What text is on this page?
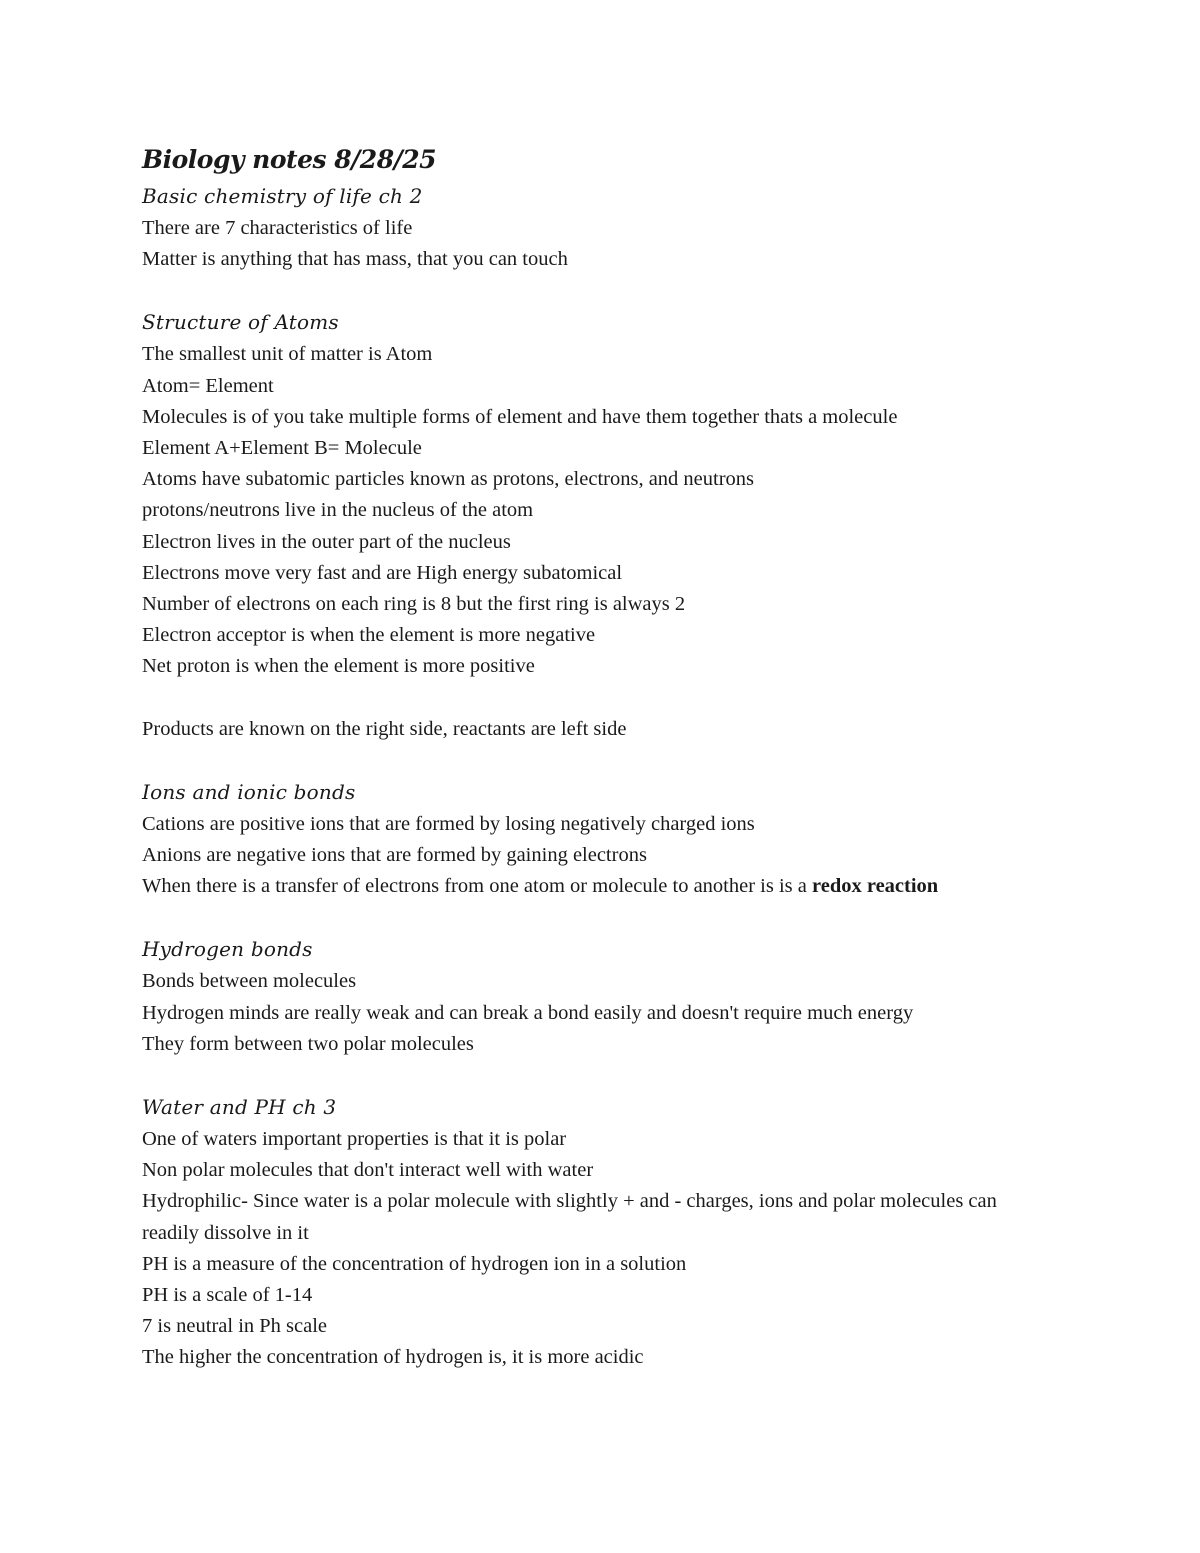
Biology notes 8/28/25
Basic chemistry of life ch 2
There are 7 characteristics of life
Matter is anything that has mass, that you can touch
Structure of Atoms
The smallest unit of matter is Atom
Atom= Element
Molecules is of you take multiple forms of element and have them together thats a molecule
Element A+Element B= Molecule
Atoms have subatomic particles known as protons, electrons, and neutrons
protons/neutrons live in the nucleus of the atom
Electron lives in the outer part of the nucleus
Electrons move very fast and are High energy subatomical
Number of electrons on each ring is 8 but the first ring is always 2
Electron acceptor is when the element is more negative
Net proton is when the element is more positive
Products are known on the right side, reactants are left side
Ions and ionic bonds
Cations are positive ions that are formed by losing negatively charged ions
Anions are negative ions that are formed by gaining electrons
When there is a transfer of electrons from one atom or molecule to another is is a redox reaction
Hydrogen bonds
Bonds between molecules
Hydrogen minds are really weak and can break a bond easily and doesn't require much energy
They form between two polar molecules
Water and PH ch 3
One of waters important properties is that it is polar
Non polar molecules that don't interact well with water
Hydrophilic- Since water is a polar molecule with slightly + and - charges, ions and polar molecules can readily dissolve in it
PH is a measure of the concentration of hydrogen ion in a solution
PH is a scale of 1-14
7 is neutral in Ph scale
The higher the concentration of hydrogen is, it is more acidic
